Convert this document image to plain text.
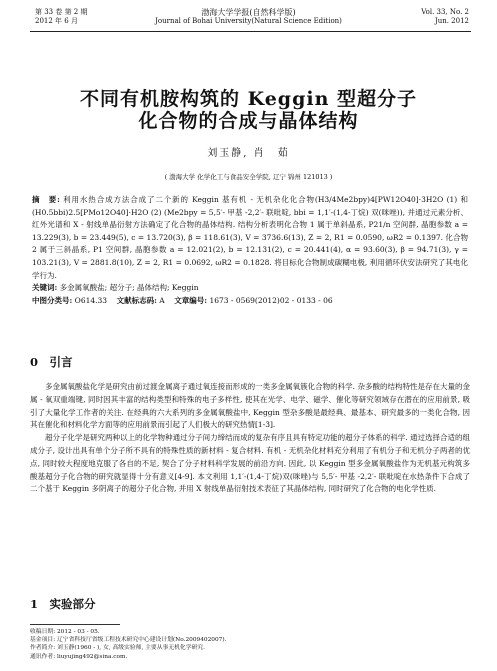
第 33 卷 第 2 期
2012 年 6 月
渤海大学学报(自然科学版)
Journal of Bohai University(Natural Science Edition)
Vol. 33, No. 2
Jun. 2012
不同有机胺构筑的 Keggin 型超分子
化合物的合成与晶体结构
刘玉静, 肖　茹
( 渤海大学 化学化工与食品安全学院, 辽宁 锦州 121013 )

摘　要: 利用水热合成方法合成了二个新的 Keggin 基有机 - 无机杂化化合物(H3/4Me2bpy)4[PW12O40]·3H2O (1) 和(H0.5bbi)2.5[PMo12O40]·H2O (2) (Me2bpy = 5,5′- 甲基 -2,2′- 联吡啶, bbi = 1,1′-(1,4-丁烷) 双(咪唑)), 并通过元素分析、红外光谱和 X - 射线单晶衍射方法确定了化合物的晶体结构. 结构分析表明化合物 1 属于单斜晶系, P21/n 空间群, 晶胞参数 a = 13.229(3), b = 23.449(5), c = 13.720(3), β = 118.61(3), V = 3736.6(13), Z = 2, R1 = 0.0590, ωR2 = 0.1397. 化合物 2 属于三斜晶系, P1 空间群, 晶胞参数 a = 12.021(2), b = 12.131(2), c = 20.441(4), α = 93.60(3), β = 94.71(3), γ = 103.21(3), V = 2881.8(10), Z = 2, R1 = 0.0692, ωR2 = 0.1828. 将目标化合物制成碳糊电极, 利用循环伏安法研究了其电化学行为.

关键词: 多金属氧酸盐; 超分子; 晶体结构; Keggin

中图分类号: O614.33 文献标志码: A 文章编号: 1673 - 0569(2012)02 - 0133 - 06

0　引言

多金属氧酸盐化学是研究由前过渡金属离子通过氧连接而形成的一类多金属氧簇化合物的科学. 杂多酸的结构特性是存在大量的金属 - 氧双重端键, 同时因其丰富的结构类型和特殊的电子多样性, 使其在光学、电学、磁学、催化等研究领域存在潜在的应用前景, 吸引了大量化学工作者的关注. 在经典的六大系列的多金属氧酸盐中, Keggin 型杂多酸是最经典、最基本、研究最多的一类化合物, 因其在催化和材料化学方面等的应用前景而引起了人们极大的研究热情[1-3].

超分子化学是研究两种以上的化学物种通过分子间力缔结而成的复杂有序且具有特定功能的超分子体系的科学. 通过选择合适的组成分子, 设计出具有单个分子所不具有的特殊性质的新材料 - 复合材料. 有机 - 无机杂化材料充分利用了有机分子和无机分子两者的优点, 同时较大程度地克服了各自的不足, 契合了分子材料科学发展的前沿方向. 因此, 以 Keggin 型多金属氧酸盐作为无机基元构筑多酸基超分子化合物的研究就显得十分有意义[4-9]. 本文利用 1,1′-(1,4-丁烷)双(咪唑)与 5,5′- 甲基 -2,2′- 联吡啶在水热条件下合成了二个基于 Keggin 多阴离子的超分子化合物, 并用 X 射线单晶衍射技术表征了其晶体结构, 同时研究了化合物的电化学性质.

1　实验部分
收稿日期: 2012 - 03 - 05.
基金项目: 辽宁省科技厅省级工程技术研究中心建设计划(No.2009402007).
作者简介: 刘玉静(1960 - ), 女, 高级实验师, 主要从事无机化学研究.
通讯作者: liuyujing492@sina.com.
